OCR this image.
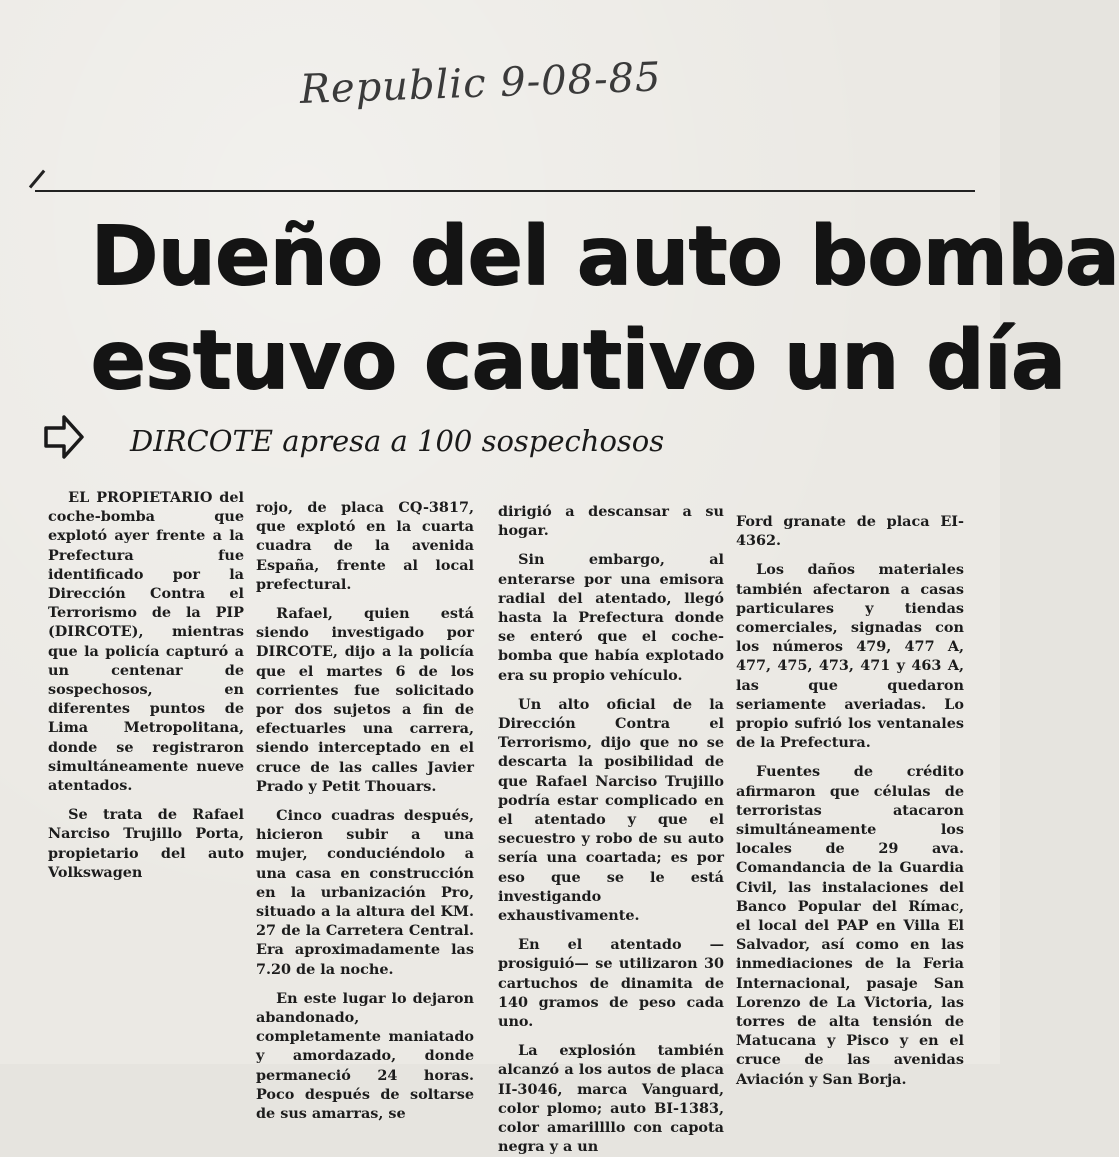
Republic 9-08-85
Dueño del auto bomba
estuvo cautivo un día
DIRCOTE apresa a 100 sospechosos

EL PROPIETARIO del coche-bomba que explotó ayer frente a la Prefectura fue identificado por la Dirección Contra el Terrorismo de la PIP (DIRCOTE), mientras que la policía capturó a un centenar de sospechosos, en diferentes puntos de Lima Metropolitana, donde se registraron simultáneamente nueve atentados.

Se trata de Rafael Narciso Trujillo Porta, propietario del auto Volkswagen

rojo, de placa CQ-3817, que explotó en la cuarta cuadra de la avenida España, frente al local prefectural.

Rafael, quien está siendo investigado por DIRCOTE, dijo a la policía que el martes 6 de los corrientes fue solicitado por dos sujetos a fin de efectuarles una carrera, siendo interceptado en el cruce de las calles Javier Prado y Petit Thouars.

Cinco cuadras después, hicieron subir a una mujer, conduciéndolo a una casa en construcción en la urbanización Pro, situado a la altura del KM. 27 de la Carretera Central. Era aproximadamente las 7.20 de la noche.

En este lugar lo dejaron abandonado, completamente maniatado y amordazado, donde permaneció 24 horas. Poco después de soltarse de sus amarras, se

dirigió a descansar a su hogar.

Sin embargo, al enterarse por una emisora radial del atentado, llegó hasta la Prefectura donde se enteró que el coche-bomba que había explotado era su propio vehículo.

Un alto oficial de la Dirección Contra el Terrorismo, dijo que no se descarta la posibilidad de que Rafael Narciso Trujillo podría estar complicado en el atentado y que el secuestro y robo de su auto sería una coartada; es por eso que se le está investigando exhaustivamente.

En el atentado —prosiguió— se utilizaron 30 cartuchos de dinamita de 140 gramos de peso cada uno.

La explosión también alcanzó a los autos de placa II-3046, marca Vanguard, color plomo; auto BI-1383, color amarillllo con capota negra y a un

Ford granate de placa EI-4362.

Los daños materiales también afectaron a casas particulares y tiendas comerciales, signadas con los números 479, 477 A, 477, 475, 473, 471 y 463 A, las que quedaron seriamente averiadas. Lo propio sufrió los ventanales de la Prefectura.

Fuentes de crédito afirmaron que células de terroristas atacaron simultáneamente los locales de 29 ava. Comandancia de la Guardia Civil, las instalaciones del Banco Popular del Rímac, el local del PAP en Villa El Salvador, así como en las inmediaciones de la Feria Internacional, pasaje San Lorenzo de La Victoria, las torres de alta tensión de Matucana y Pisco y en el cruce de las avenidas Aviación y San Borja.
